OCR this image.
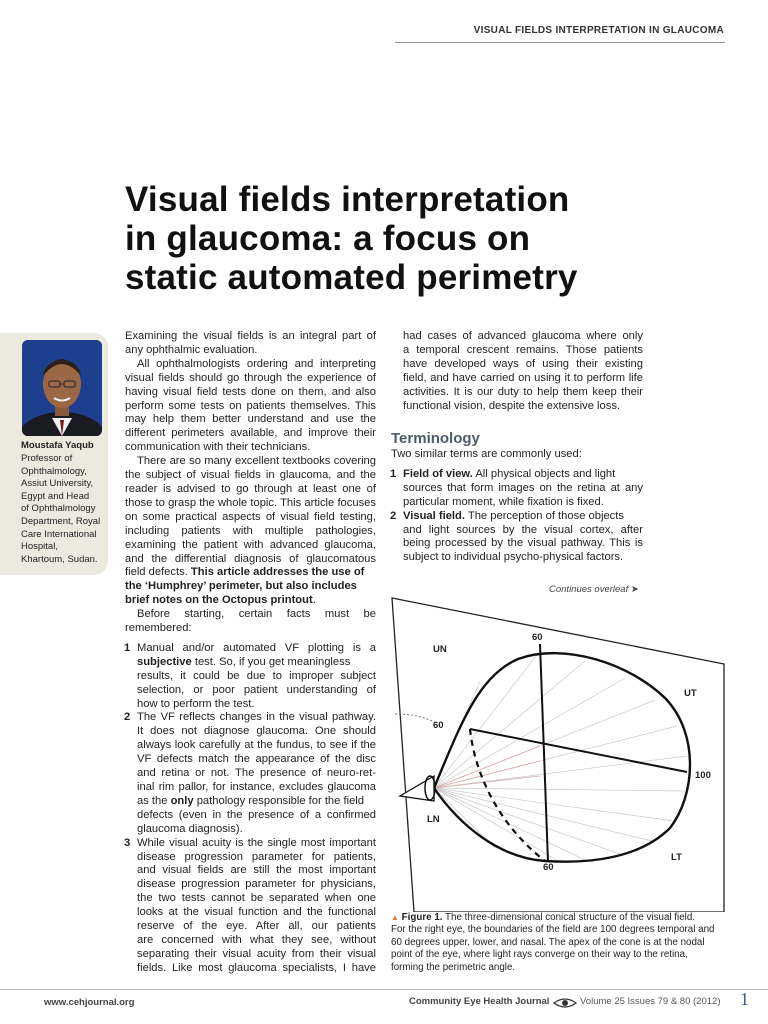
VISUAL FIELDS INTERPRETATION IN GLAUCOMA
Visual fields interpretation
in glaucoma: a focus on
static automated perimetry
Moustafa Yaqub
Professor of
Ophthalmology,
Assiut University,
Egypt and Head
of Ophthalmology
Department, Royal
Care International
Hospital,
Khartoum, Sudan.

Examining the visual fields is an integral part of
any ophthalmic evaluation.

All ophthalmologists ordering and interpreting
visual fields should go through the experience of
having visual field tests done on them, and also
perform some tests on patients themselves. This
may help them better understand and use the
different perimeters available, and improve their
communication with their technicians.

There are so many excellent textbooks covering
the subject of visual fields in glaucoma, and the
reader is advised to go through at least one of
those to grasp the whole topic. This article focuses
on some practical aspects of visual field testing,
including patients with multiple pathologies,
examining the patient with advanced glaucoma,
and the differential diagnosis of glaucomatous
field defects. This article addresses the use of
the ‘Humphrey’ perimeter, but also includes
brief notes on the Octopus printout.

Before starting, certain facts must be
remembered:

1 Manual and/or automated VF plotting is a
subjective test. So, if you get meaningless
results, it could be due to improper subject
selection, or poor patient understanding of
how to perform the test.
2 The VF reflects changes in the visual pathway.
It does not diagnose glaucoma. One should
always look carefully at the fundus, to see if the
VF defects match the appearance of the disc
and retina or not. The presence of neuro-ret-
inal rim pallor, for instance, excludes glaucoma
as the only pathology responsible for the field
defects (even in the presence of a confirmed
glaucoma diagnosis).
3 While visual acuity is the single most important
disease progression parameter for patients,
and visual fields are still the most important
disease progression parameter for physicians,
the two tests cannot be separated when one
looks at the visual function and the functional
reserve of the eye. After all, our patients
are concerned with what they see, without
separating their visual acuity from their visual
fields. Like most glaucoma specialists, I have

had cases of advanced glaucoma where only
a temporal crescent remains. Those patients
have developed ways of using their existing
field, and have carried on using it to perform life
activities. It is our duty to help them keep their
functional vision, despite the extensive loss.

Terminology
Two similar terms are commonly used:
1 Field of view. All physical objects and light
sources that form images on the retina at any
particular moment, while fixation is fixed.
2 Visual field. The perception of those objects
and light sources by the visual cortex, after
being processed by the visual pathway. This is
subject to individual psycho-physical factors.
Continues overleaf ➤
UN
UT
LN
LT
60
60
60
100
▲ Figure 1. The three-dimensional conical structure of the visual field.
For the right eye, the boundaries of the field are 100 degrees temporal and
60 degrees upper, lower, and nasal. The apex of the cone is at the nodal
point of the eye, where light rays converge on their way to the retina,
forming the perimetric angle.
www.cehjournal.org	Community Eye Health Journal	Volume 25 Issues 79 & 80 (2012) 1
